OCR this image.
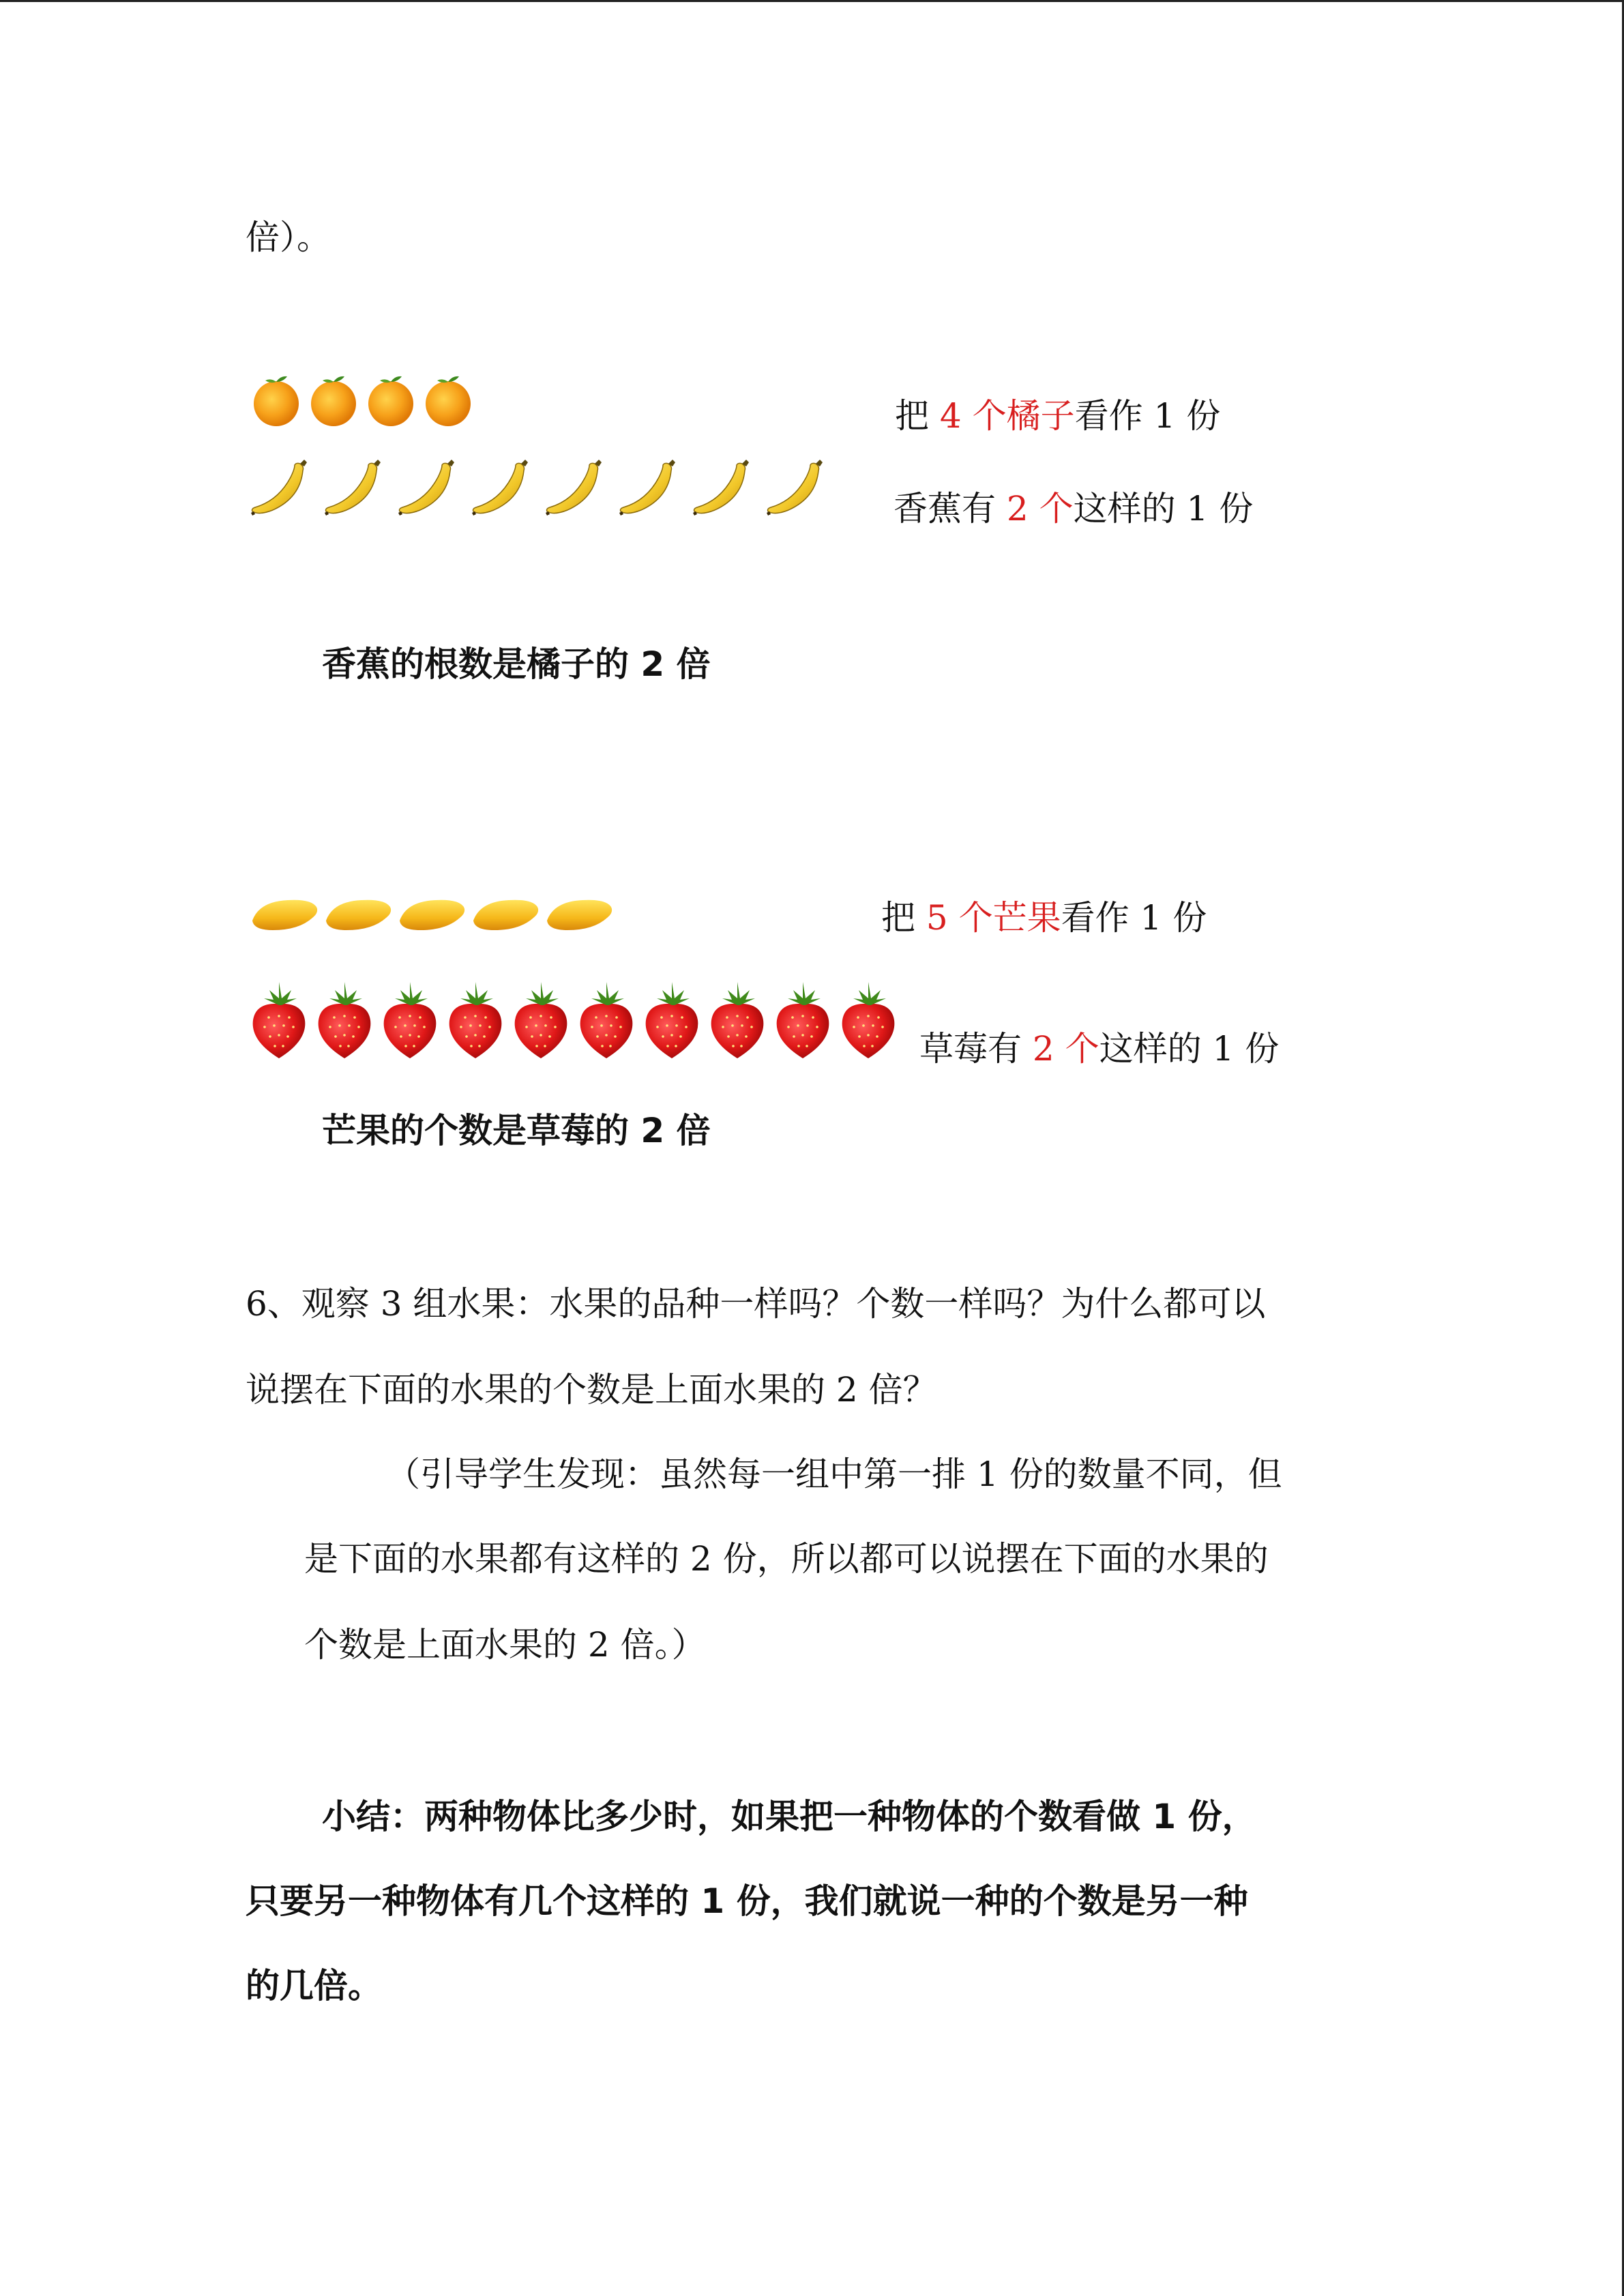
倍）。
把 4 个橘子看作 1 份
香蕉有 2 个这样的 1 份
香蕉的根数是橘子的 2 倍
把 5 个芒果看作 1 份
草莓有 2 个这样的 1 份
芒果的个数是草莓的 2 倍
6、观察 3 组水果：水果的品种一样吗？个数一样吗？为什么都可以
说摆在下面的水果的个数是上面水果的 2 倍？
（引导学生发现：虽然每一组中第一排 1 份的数量不同，但
是下面的水果都有这样的 2 份，所以都可以说摆在下面的水果的
个数是上面水果的 2 倍。）
小结：两种物体比多少时，如果把一种物体的个数看做 1 份，
只要另一种物体有几个这样的 1 份，我们就说一种的个数是另一种
的几倍。
